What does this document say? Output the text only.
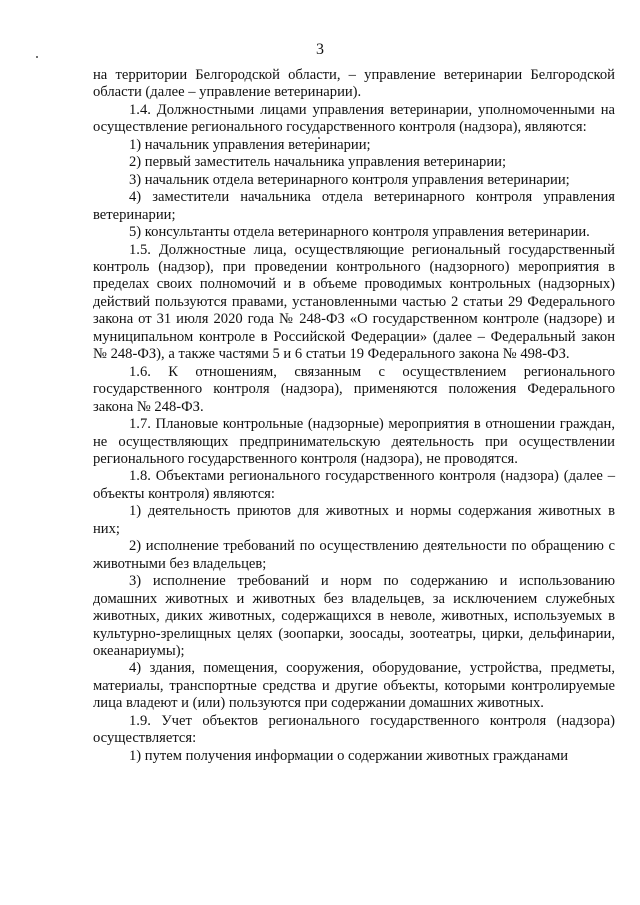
3

на территории Белгородской области, – управление ветеринарии Белгородской области (далее – управление ветеринарии).

1.4. Должностными лицами управления ветеринарии, уполномоченными на осуществление регионального государственного контроля (надзора), являются:

1) начальник управления ветеринарии;

2) первый заместитель начальника управления ветеринарии;

3) начальник отдела ветеринарного контроля управления ветеринарии;

4) заместители начальника отдела ветеринарного контроля управления ветеринарии;

5) консультанты отдела ветеринарного контроля управления ветеринарии.

1.5. Должностные лица, осуществляющие региональный государственный контроль (надзор), при проведении контрольного (надзорного) мероприятия в пределах своих полномочий и в объеме проводимых контрольных (надзорных) действий пользуются правами, установленными частью 2 статьи 29 Федерального закона от 31 июля 2020 года № 248-ФЗ «О государственном контроле (надзоре) и муниципальном контроле в Российской Федерации» (далее – Федеральный закон № 248-ФЗ), а также частями 5 и 6 статьи 19 Федерального закона № 498-ФЗ.

1.6. К отношениям, связанным с осуществлением регионального государственного контроля (надзора), применяются положения Федерального закона № 248-ФЗ.

1.7. Плановые контрольные (надзорные) мероприятия в отношении граждан, не осуществляющих предпринимательскую деятельность при осуществлении регионального государственного контроля (надзора), не проводятся.

1.8. Объектами регионального государственного контроля (надзора) (далее – объекты контроля) являются:

1) деятельность приютов для животных и нормы содержания животных в них;

2) исполнение требований по осуществлению деятельности по обращению с животными без владельцев;

3) исполнение требований и норм по содержанию и использованию домашних животных и животных без владельцев, за исключением служебных животных, диких животных, содержащихся в неволе, животных, используемых в культурно-зрелищных целях (зоопарки, зоосады, зоотеатры, цирки, дельфинарии, океанариумы);

4) здания, помещения, сооружения, оборудование, устройства, предметы, материалы, транспортные средства и другие объекты, которыми контролируемые лица владеют и (или) пользуются при содержании домашних животных.

1.9. Учет объектов регионального государственного контроля (надзора) осуществляется:

1) путем получения информации о содержании животных гражданами
